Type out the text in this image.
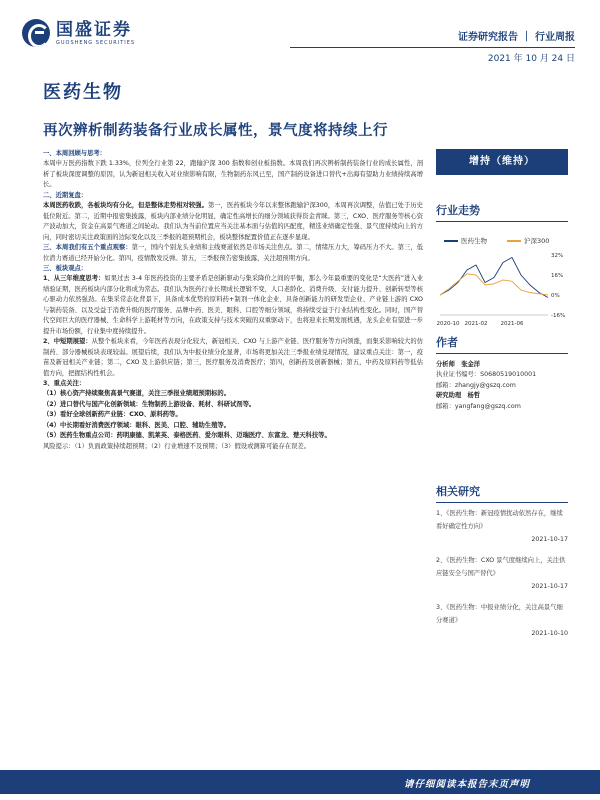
国盛证券
GUOSHENG SECURITIES	证券研究报告 ｜ 行业周报
2021 年 10 月 24 日
医药生物
再次辨析制药装备行业成长属性，景气度将持续上行

一、本周回顾与思考：

本周申万医药指数下跌 1.33%，位列全行业第 22，跑输沪深 300 指数和创业板指数。本周我们再次辨析制药装备行业的成长属性，剖析了板块深度调整的原因，认为新冠相关收入对业绩影响有限，生物制药东风已至，国产制药设备进口替代+出海有望助力业绩持续高增长。

二、近期复盘：

本周医药收跌，各板块均有分化，但是整体走势相对较强。第一，医药板块今年以来整体跑输沪深300，本周再次调整，估值已处于历史低位附近。第二，近期中报密集披露，板块内部业绩分化明显，确定性高增长的细分领域获得资金青睐。第三，CXO、医疗服务等核心资产波动加大，资金在高景气赛道之间轮动。我们认为当前位置应当关注基本面与估值的匹配度，精选业绩确定性强、景气度持续向上的方向，同时密切关注政策面的边际变化以及三季报的超预期机会，板块整体配置价值正在逐步显现。

三、本周我们有五个重点观察：第一，国内个别龙头业绩和主线赛道依然是市场关注焦点。第二，情绪压力大，筹码压力不大。第三，低位潜力赛道已经开始分化。第四，疫情散发反弹。第五，三季报预告密集披露，关注超预期方向。

三、板块观点：

1、从三年维度思考：如果过去 3-4 年医药投资的主要矛盾是创新驱动与集采降价之间的平衡，那么今年最重要的变化是“大医药”进入业绩验证期，医药板块内部分化将成为常态。我们认为医药行业长期成长逻辑不变，人口老龄化、消费升级、支付能力提升、创新转型等核心驱动力依然强劲。在集采常态化背景下，具备成本优势的原料药+制剂一体化企业、具备创新能力的研发型企业、产业链上游的 CXO 与制药装备、以及受益于消费升级的医疗服务、品牌中药、医美、眼科、口腔等细分领域，将持续受益于行业结构性变化。同时，国产替代空间巨大的医疗器械、生命科学上游耗材等方向，在政策支持与技术突破的双重驱动下，也将迎来长期发展机遇，龙头企业有望进一步提升市场份额，行业集中度持续提升。

2、中短期展望：从整个板块来看，今年医药表现分化较大，新冠相关、CXO 与上游产业链、医疗服务等方向领涨，而集采影响较大的仿制药、部分器械板块表现较弱。展望后续，我们认为中报业绩分化显著，市场将更加关注三季报业绩兑现情况，建议重点关注：第一，疫苗及新冠相关产业链；第二，CXO 及上游供应链；第三，医疗服务及消费医疗；第四，创新药及创新器械；第五，中药及原料药等低估值方向，把握结构性机会。

3、重点关注：

（1）核心资产持续聚焦高景气赛道，关注三季报业绩超预期标的。

（2）进口替代与国产化创新领域：生物制药上游设备、耗材、科研试剂等。

（3）看好全球创新药产业链：CXO、原料药等。

（4）中长期看好消费医疗领域：眼科、医美、口腔、辅助生殖等。

（5）医药生物重点公司：药明康德、凯莱英、泰格医药、爱尔眼科、迈瑞医疗、东富龙、楚天科技等。

风险提示：（1）负面政策持续超预期；（2）行业增速不及预期；（3）假设或测算可能存在误差。

增持（维持）
行业走势
医药生物	沪深300
32%
16%
0%
-16%
2020-10 2021-02 2021-06
作者
分析师　张金洋
执业证书编号：S0680519010001
邮箱：zhangjy@gszq.com
研究助理　杨哲
邮箱：yangfang@gszq.com
相关研究
1、《医药生物：新冠疫情扰动依然存在，继续看好确定性方向》
2021-10-17
2、《医药生物：CXO 景气度继续向上，关注供应链安全与国产替代》
2021-10-17
3、《医药生物：中报业绩分化，关注高景气细分赛道》
2021-10-10
请仔细阅读本报告末页声明
